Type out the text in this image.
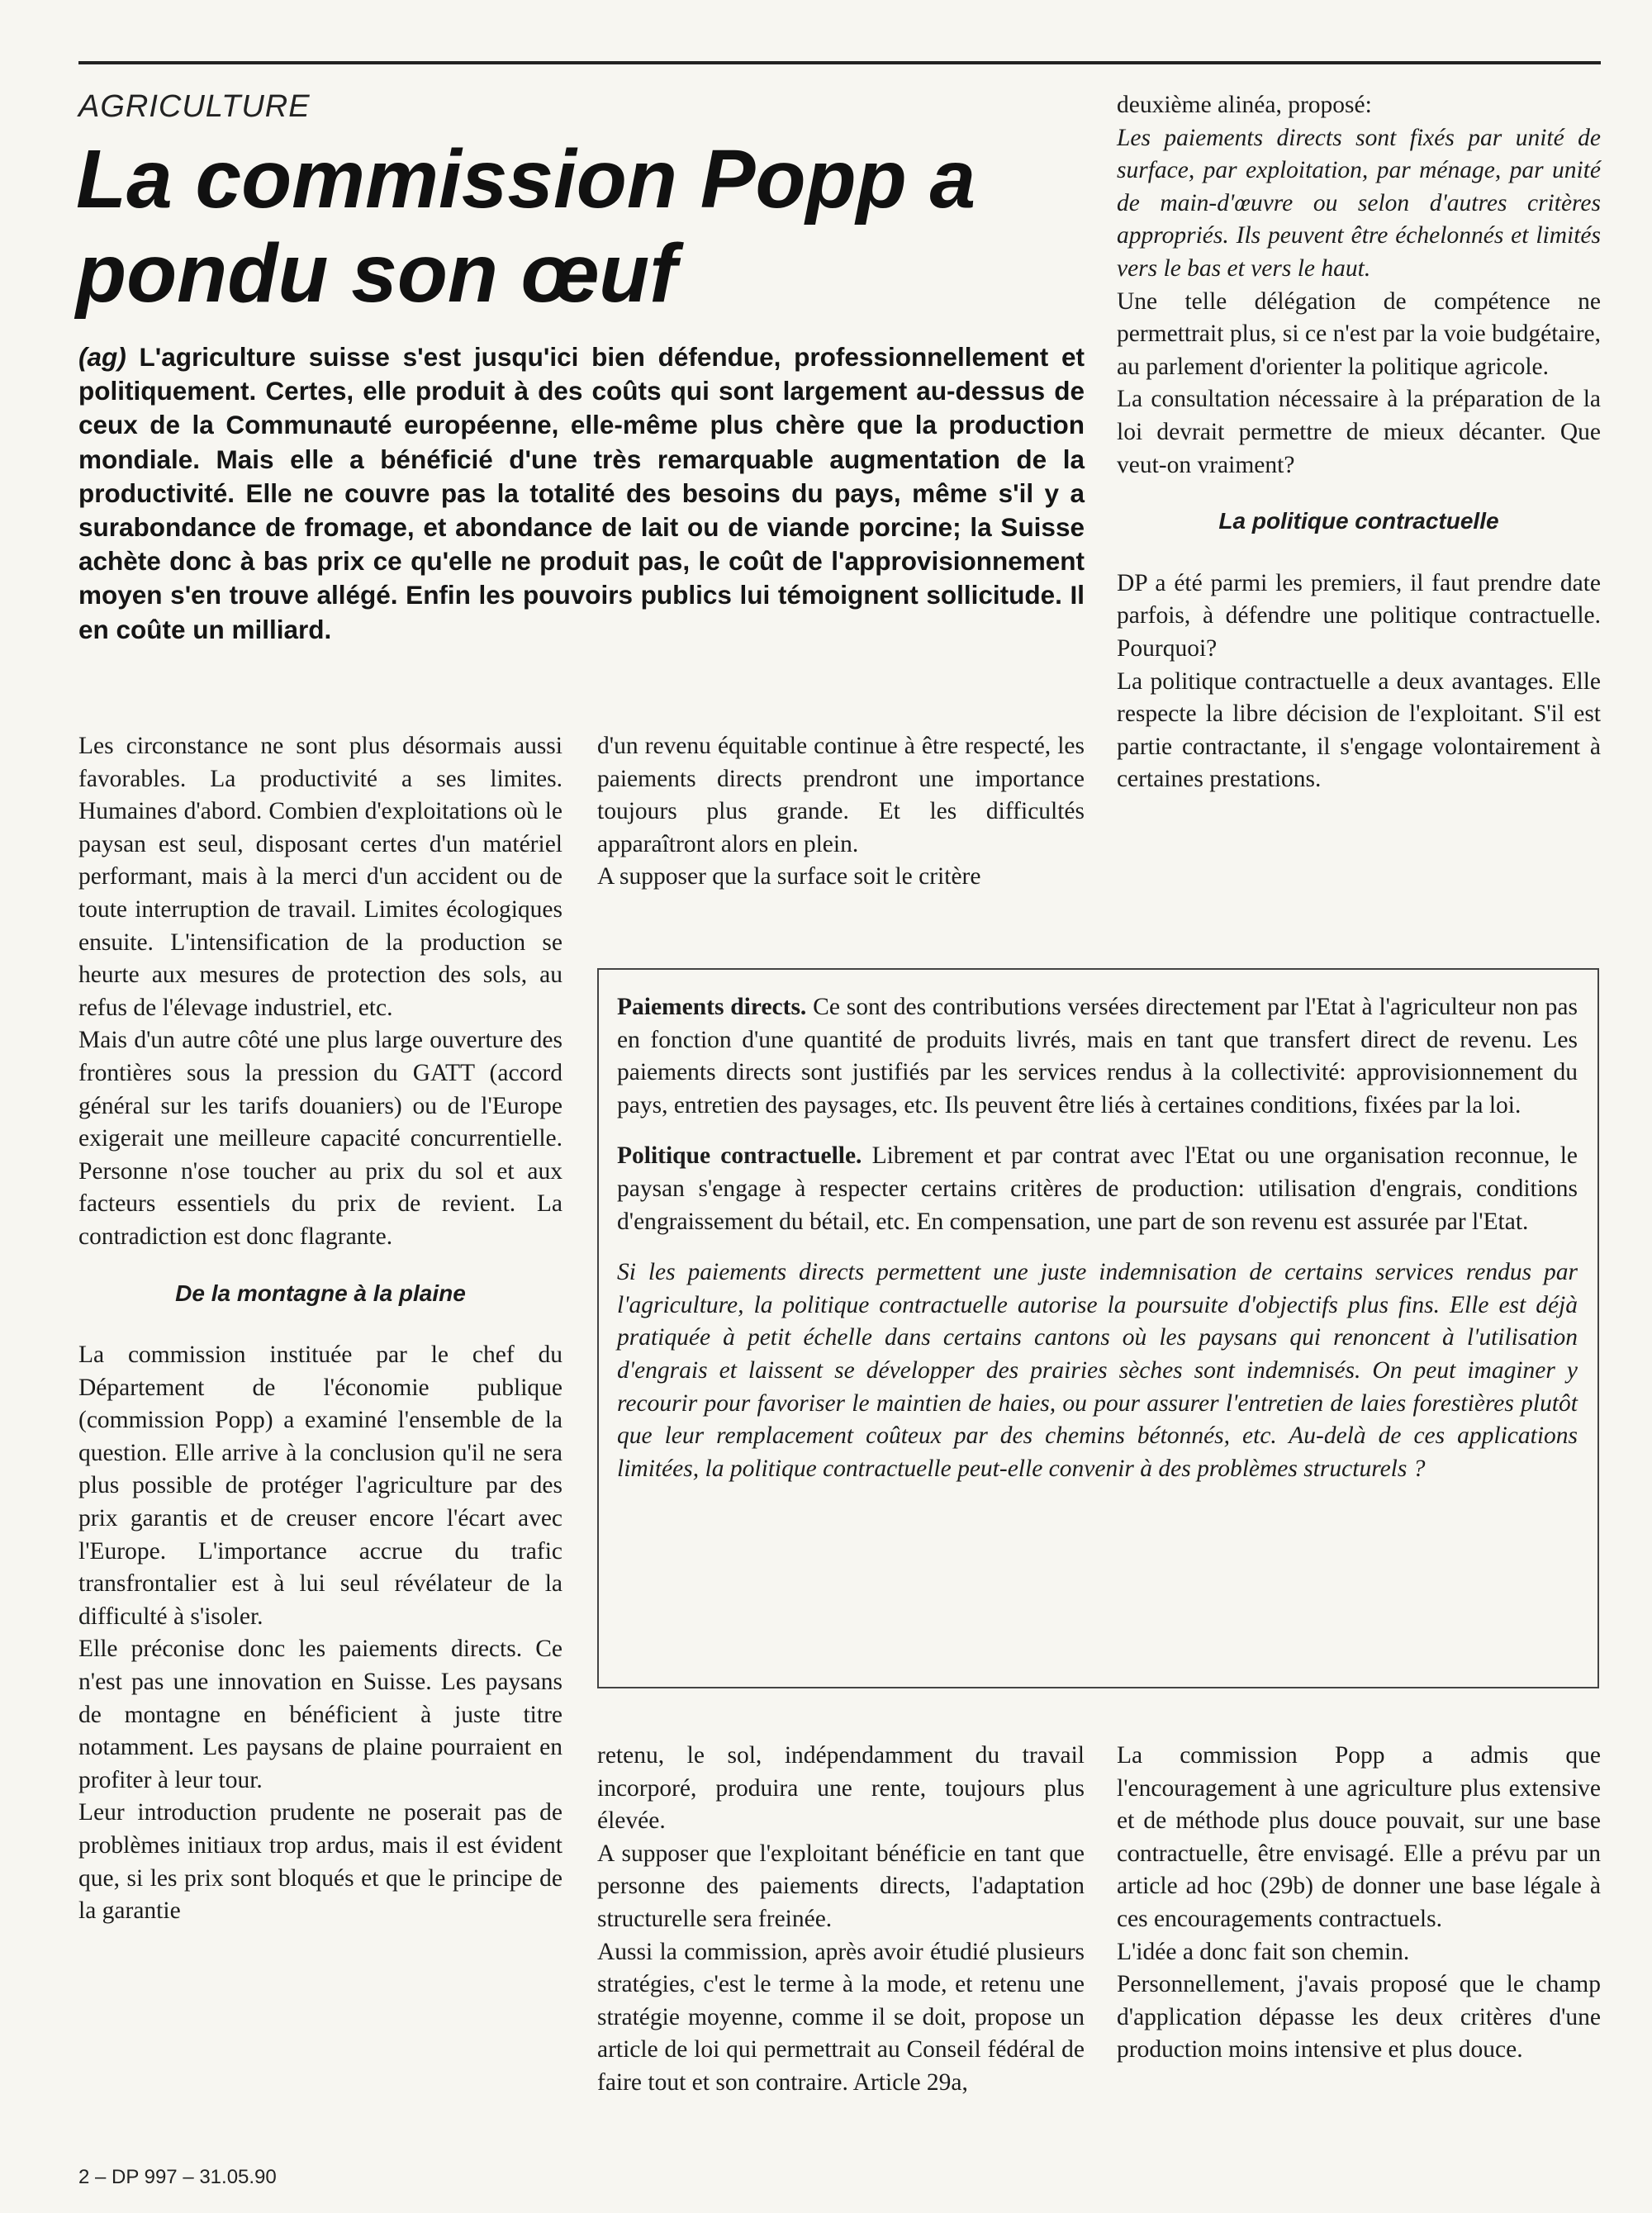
AGRICULTURE
La commission Popp a
pondu son œuf

(ag) L'agriculture suisse s'est jusqu'ici bien défendue, professionnellement et politiquement. Certes, elle produit à des coûts qui sont largement au-dessus de ceux de la Communauté européenne, elle-même plus chère que la production mondiale. Mais elle a bénéficié d'une très remarquable augmentation de la productivité. Elle ne couvre pas la totalité des besoins du pays, même s'il y a surabondance de fromage, et abondance de lait ou de viande porcine; la Suisse achète donc à bas prix ce qu'elle ne produit pas, le coût de l'approvisionnement moyen s'en trouve allégé. Enfin les pouvoirs publics lui témoignent sollicitude. Il en coûte un milliard.

Les circonstance ne sont plus désormais aussi favorables. La productivité a ses limites. Humaines d'abord. Combien d'exploitations où le paysan est seul, disposant certes d'un matériel performant, mais à la merci d'un accident ou de toute interruption de travail. Limites écologiques ensuite. L'intensification de la production se heurte aux mesures de protection des sols, au refus de l'élevage industriel, etc.

Mais d'un autre côté une plus large ouverture des frontières sous la pression du GATT (accord général sur les tarifs douaniers) ou de l'Europe exigerait une meilleure capacité concurrentielle. Personne n'ose toucher au prix du sol et aux facteurs essentiels du prix de revient. La contradiction est donc flagrante.

De la montagne à la plaine

La commission instituée par le chef du Département de l'économie publique (commission Popp) a examiné l'ensemble de la question. Elle arrive à la conclusion qu'il ne sera plus possible de protéger l'agriculture par des prix garantis et de creuser encore l'écart avec l'Europe. L'importance accrue du trafic transfrontalier est à lui seul révélateur de la difficulté à s'isoler.

Elle préconise donc les paiements directs. Ce n'est pas une innovation en Suisse. Les paysans de montagne en bénéficient à juste titre notamment. Les paysans de plaine pourraient en profiter à leur tour.

Leur introduction prudente ne poserait pas de problèmes initiaux trop ardus, mais il est évident que, si les prix sont bloqués et que le principe de la garantie

d'un revenu équitable continue à être respecté, les paiements directs prendront une importance toujours plus grande. Et les difficultés apparaîtront alors en plein.

A supposer que la surface soit le critère

deuxième alinéa, proposé:

Les paiements directs sont fixés par unité de surface, par exploitation, par ménage, par unité de main-d'œuvre ou selon d'autres critères appropriés. Ils peuvent être échelonnés et limités vers le bas et vers le haut.

Une telle délégation de compétence ne permettrait plus, si ce n'est par la voie budgétaire, au parlement d'orienter la politique agricole.

La consultation nécessaire à la préparation de la loi devrait permettre de mieux décanter. Que veut-on vraiment?

La politique contractuelle

DP a été parmi les premiers, il faut prendre date parfois, à défendre une politique contractuelle. Pourquoi?

La politique contractuelle a deux avantages. Elle respecte la libre décision de l'exploitant. S'il est partie contractante, il s'engage volontairement à certaines prestations.

Paiements directs. Ce sont des contributions versées directement par l'Etat à l'agriculteur non pas en fonction d'une quantité de produits livrés, mais en tant que transfert direct de revenu. Les paiements directs sont justifiés par les services rendus à la collectivité: approvisionnement du pays, entretien des paysages, etc. Ils peuvent être liés à certaines conditions, fixées par la loi.

Politique contractuelle. Librement et par contrat avec l'Etat ou une organisation reconnue, le paysan s'engage à respecter certains critères de production: utilisation d'engrais, conditions d'engraissement du bétail, etc. En compensation, une part de son revenu est assurée par l'Etat.

Si les paiements directs permettent une juste indemnisation de certains services rendus par l'agriculture, la politique contractuelle autorise la poursuite d'objectifs plus fins. Elle est déjà pratiquée à petit échelle dans certains cantons où les paysans qui renoncent à l'utilisation d'engrais et laissent se développer des prairies sèches sont indemnisés. On peut imaginer y recourir pour favoriser le maintien de haies, ou pour assurer l'entretien de laies forestières plutôt que leur remplacement coûteux par des chemins bétonnés, etc. Au-delà de ces applications limitées, la politique contractuelle peut-elle convenir à des problèmes structurels ?

retenu, le sol, indépendamment du travail incorporé, produira une rente, toujours plus élevée.

A supposer que l'exploitant bénéficie en tant que personne des paiements directs, l'adaptation structurelle sera freinée.

Aussi la commission, après avoir étudié plusieurs stratégies, c'est le terme à la mode, et retenu une stratégie moyenne, comme il se doit, propose un article de loi qui permettrait au Conseil fédéral de faire tout et son contraire. Article 29a,

La commission Popp a admis que l'encouragement à une agriculture plus extensive et de méthode plus douce pouvait, sur une base contractuelle, être envisagé. Elle a prévu par un article ad hoc (29b) de donner une base légale à ces encouragements contractuels.

L'idée a donc fait son chemin.

Personnellement, j'avais proposé que le champ d'application dépasse les deux critères d'une production moins intensive et plus douce.

2 – DP 997 – 31.05.90
